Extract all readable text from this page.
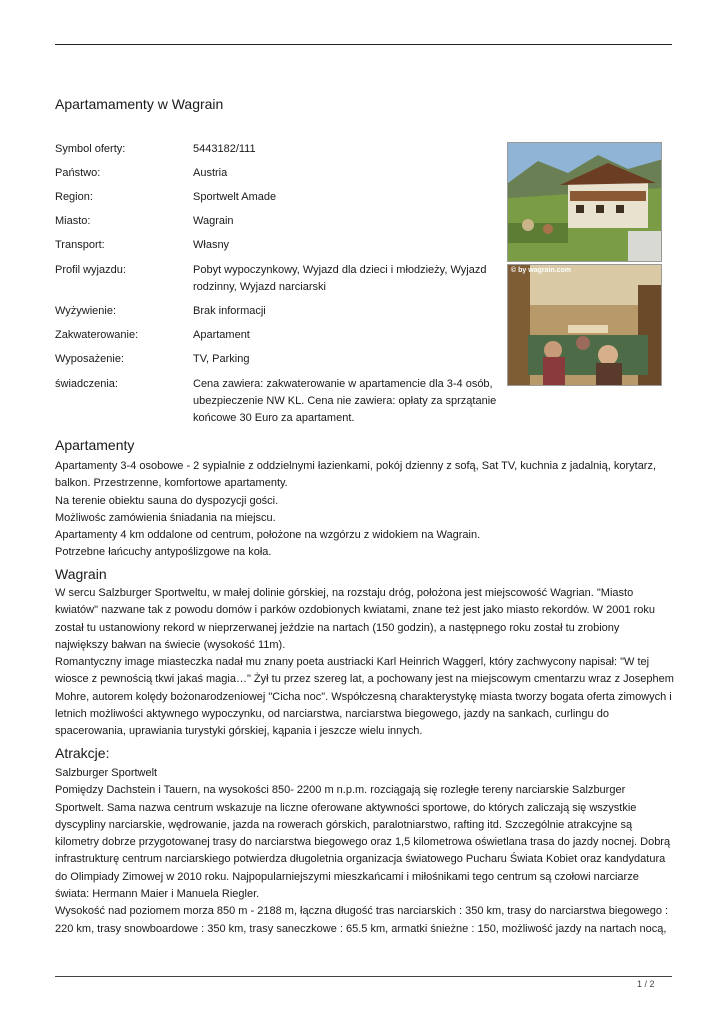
Apartamamenty w Wagrain
Symbol oferty:	5443182/111
Państwo:	Austria
Region:	Sportwelt Amade
Miasto:	Wagrain
Transport:	Własny
Profil wyjazdu:	Pobyt wypoczynkowy, Wyjazd dla dzieci i młodzieży, Wyjazd rodzinny, Wyjazd narciarski
Wyżywienie:	Brak informacji
Zakwaterowanie:	Apartament
Wyposażenie:	TV, Parking
świadczenia:	Cena zawiera: zakwaterowanie w apartamencie dla 3-4 osób, ubezpieczenie NW KL. Cena nie zawiera: opłaty za sprzątanie końcowe 30 Euro za apartament.
© by wagrain.com
Apartamenty

Apartamenty 3-4 osobowe - 2 sypialnie z oddzielnymi łazienkami, pokój dzienny z sofą, Sat TV, kuchnia z jadalnią, korytarz, balkon. Przestrzenne, komfortowe apartamenty.

Na terenie obiektu sauna do dyspozycji gości.

Możliwośc zamówienia śniadania na miejscu.

Apartamenty 4 km oddalone od centrum, położone na wzgórzu z widokiem na Wagrain.

Potrzebne łańcuchy antypoślizgowe na koła.

Wagrain

W sercu Salzburger Sportweltu, w małej dolinie górskiej, na rozstaju dróg, położona jest miejscowość Wagrian. "Miasto kwiatów" nazwane tak z powodu domów i parków ozdobionych kwiatami, znane też jest jako miasto rekordów. W 2001 roku został tu ustanowiony rekord w nieprzerwanej jeździe na nartach (150 godzin), a następnego roku został tu zrobiony największy bałwan na świecie (wysokość 11m).

Romantyczny image miasteczka nadał mu znany poeta austriacki Karl Heinrich Waggerl, który zachwycony napisał: "W tej wiosce z pewnością tkwi jakaś magia…" Żył tu przez szereg lat, a pochowany jest na miejscowym cmentarzu wraz z Josephem Mohre, autorem kolędy bożonarodzeniowej "Cicha noc". Współczesną charakterystykę miasta tworzy bogata oferta zimowych i letnich możliwości aktywnego wypoczynku, od narciarstwa, narciarstwa biegowego, jazdy na sankach, curlingu do spacerowania, uprawiania turystyki górskiej, kąpania i jeszcze wielu innych.

Atrakcje:

Salzburger Sportwelt

Pomiędzy Dachstein i Tauern, na wysokości 850- 2200 m n.p.m. rozciągają się rozległe tereny narciarskie Salzburger Sportwelt. Sama nazwa centrum wskazuje na liczne oferowane aktywności sportowe, do których zaliczają się wszystkie dyscypliny narciarskie, wędrowanie, jazda na rowerach górskich, paralotniarstwo, rafting itd. Szczególnie atrakcyjne są kilometry dobrze przygotowanej trasy do narciarstwa biegowego oraz 1,5 kilometrowa oświetlana trasa do jazdy nocnej. Dobrą infrastrukturę centrum narciarskiego potwierdza długoletnia organizacja światowego Pucharu Świata Kobiet oraz kandydatura do Olimpiady Zimowej w 2010 roku. Najpopularniejszymi mieszkańcami i miłośnikami tego centrum są czołowi narciarze świata: Hermann Maier i Manuela Riegler.

Wysokość nad poziomem morza 850 m - 2188 m, łączna długość tras narciarskich : 350 km, trasy do narciarstwa biegowego : 220 km, trasy snowboardowe : 350 km, trasy saneczkowe : 65.5 km, armatki śnieżne : 150, możliwość jazdy na nartach nocą,

1 / 2
